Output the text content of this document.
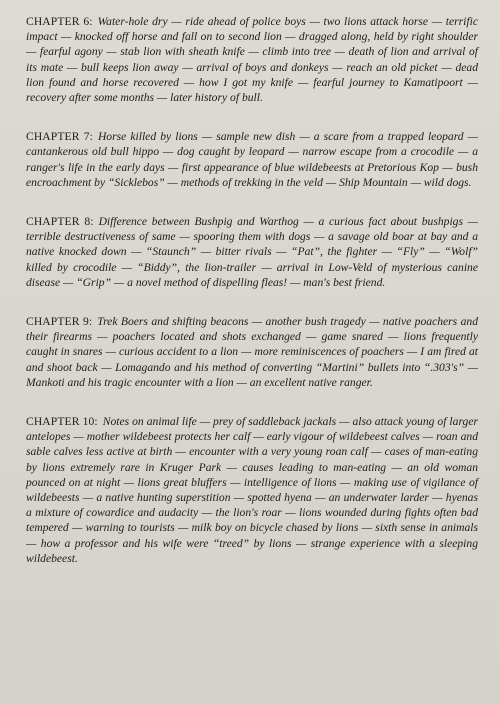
CHAPTER 6: Water-hole dry — ride ahead of police boys — two lions attack horse — terrific impact — knocked off horse and fall on to second lion — dragged along, held by right shoulder — fearful agony — stab lion with sheath knife — climb into tree — death of lion and arrival of its mate — bull keeps lion away — arrival of boys and donkeys — reach an old picket — dead lion found and horse recovered — how I got my knife — fearful journey to Kamatipoort — recovery after some months — later history of bull.

CHAPTER 7: Horse killed by lions — sample new dish — a scare from a trapped leopard — cantankerous old bull hippo — dog caught by leopard — narrow escape from a crocodile — a ranger's life in the early days — first appearance of blue wildebeests at Pretorious Kop — bush encroachment by “Sicklebos” — methods of trekking in the veld — Ship Mountain — wild dogs.

CHAPTER 8: Difference between Bushpig and Warthog — a curious fact about bushpigs — terrible destructiveness of same — spooring them with dogs — a savage old boar at bay and a native knocked down — “Staunch” — bitter rivals — “Pat”, the fighter — “Fly” — “Wolf” killed by crocodile — “Biddy”, the lion-trailer — arrival in Low-Veld of mysterious canine disease — “Grip” — a novel method of dispelling fleas! — man's best friend.

CHAPTER 9: Trek Boers and shifting beacons — another bush tragedy — native poachers and their firearms — poachers located and shots exchanged — game snared — lions frequently caught in snares — curious accident to a lion — more reminiscences of poachers — I am fired at and shoot back — Lomagando and his method of converting “Martini” bullets into “.303's” — Mankoti and his tragic encounter with a lion — an excellent native ranger.

CHAPTER 10: Notes on animal life — prey of saddleback jackals — also attack young of larger antelopes — mother wildebeest protects her calf — early vigour of wildebeest calves — roan and sable calves less active at birth — encounter with a very young roan calf — cases of man-eating by lions extremely rare in Kruger Park — causes leading to man-eating — an old woman pounced on at night — lions great bluffers — intelligence of lions — making use of vigilance of wildebeests — a native hunting superstition — spotted hyena — an underwater larder — hyenas a mixture of cowardice and audacity — the lion's roar — lions wounded during fights often bad tempered — warning to tourists — milk boy on bicycle chased by lions — sixth sense in animals — how a professor and his wife were “treed” by lions — strange experience with a sleeping wildebeest.
